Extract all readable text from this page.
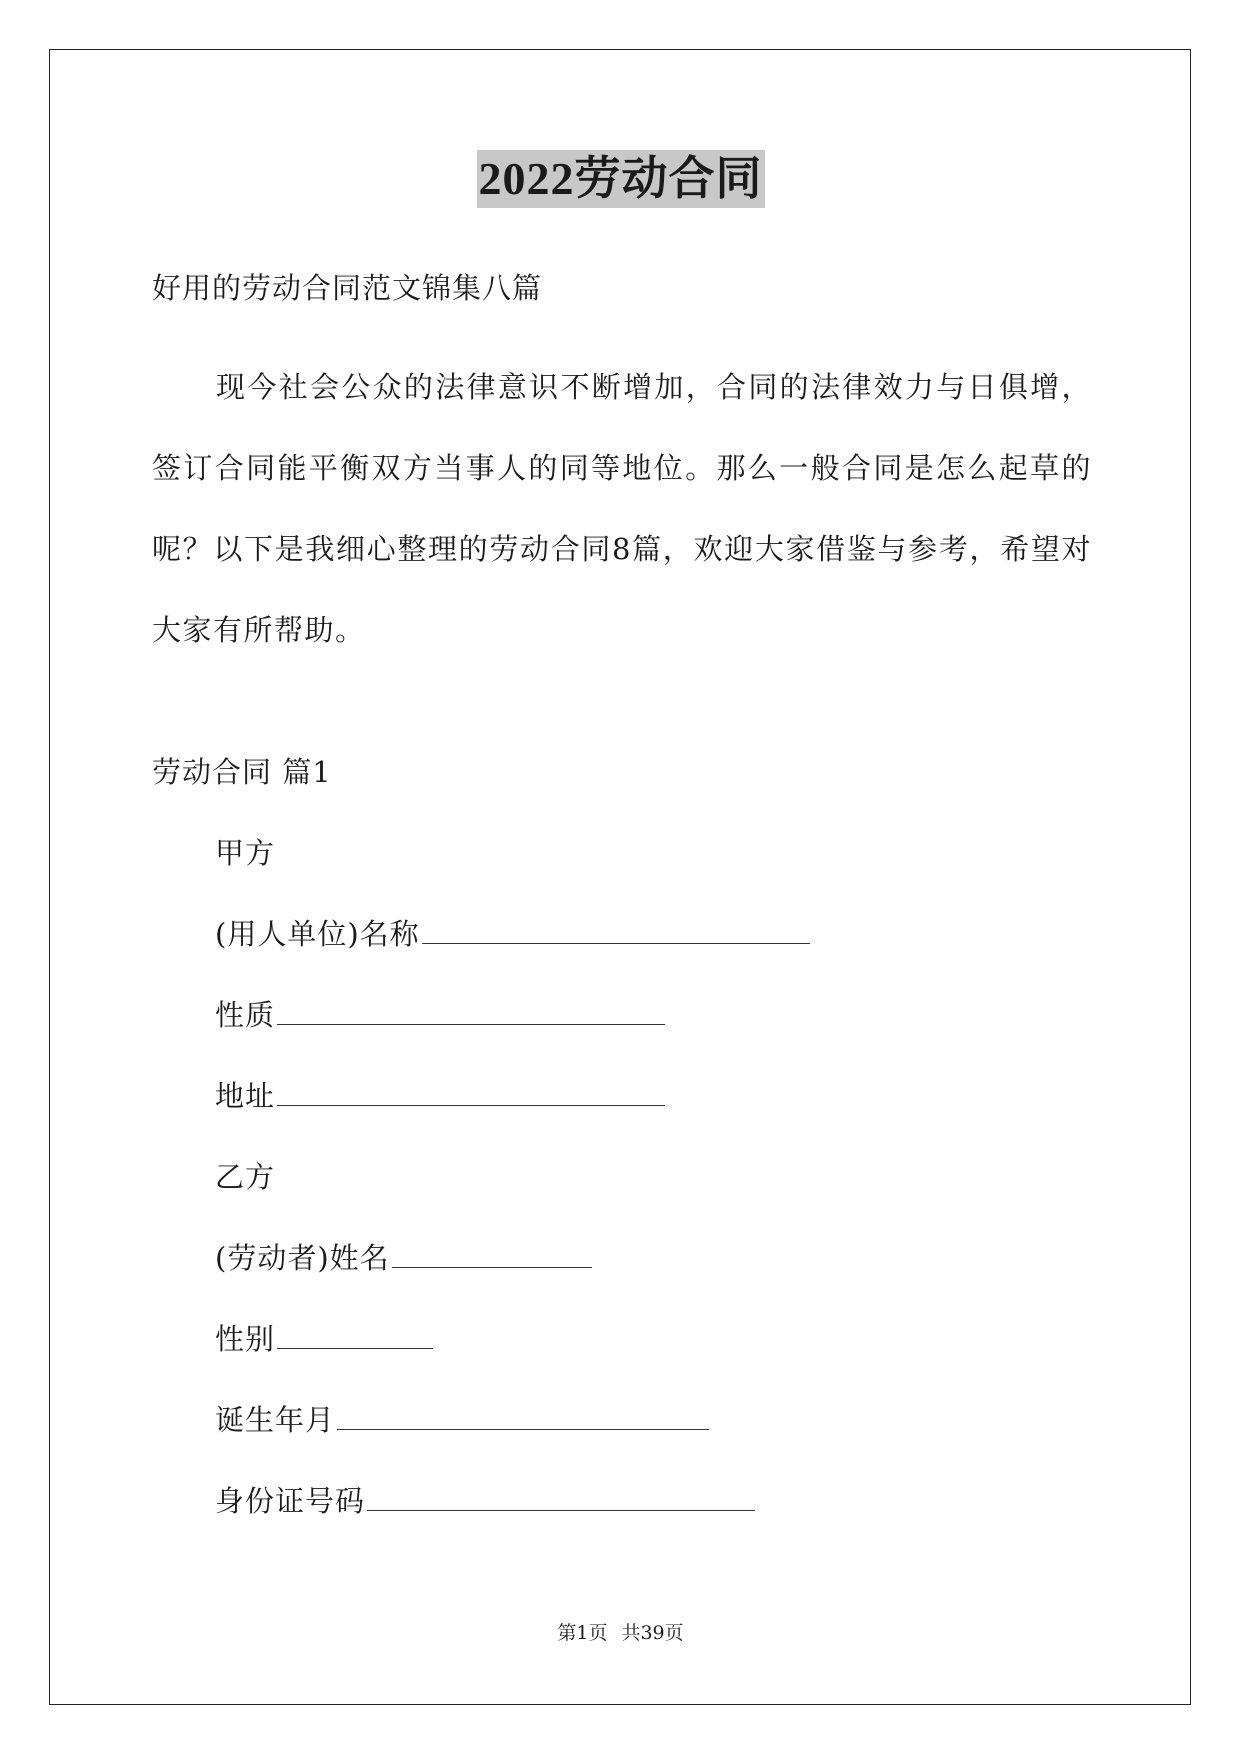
2022劳动合同

好用的劳动合同范文锦集八篇

现今社会公众的法律意识不断增加，合同的法律效力与日俱增，签订合同能平衡双方当事人的同等地位。那么一般合同是怎么起草的呢？以下是我细心整理的劳动合同8篇，欢迎大家借鉴与参考，希望对大家有所帮助。

劳动合同 篇1

甲方

(用人单位)名称
性质
地址

乙方

(劳动者)姓名
性别
诞生年月
身份证号码
第1页 共39页
